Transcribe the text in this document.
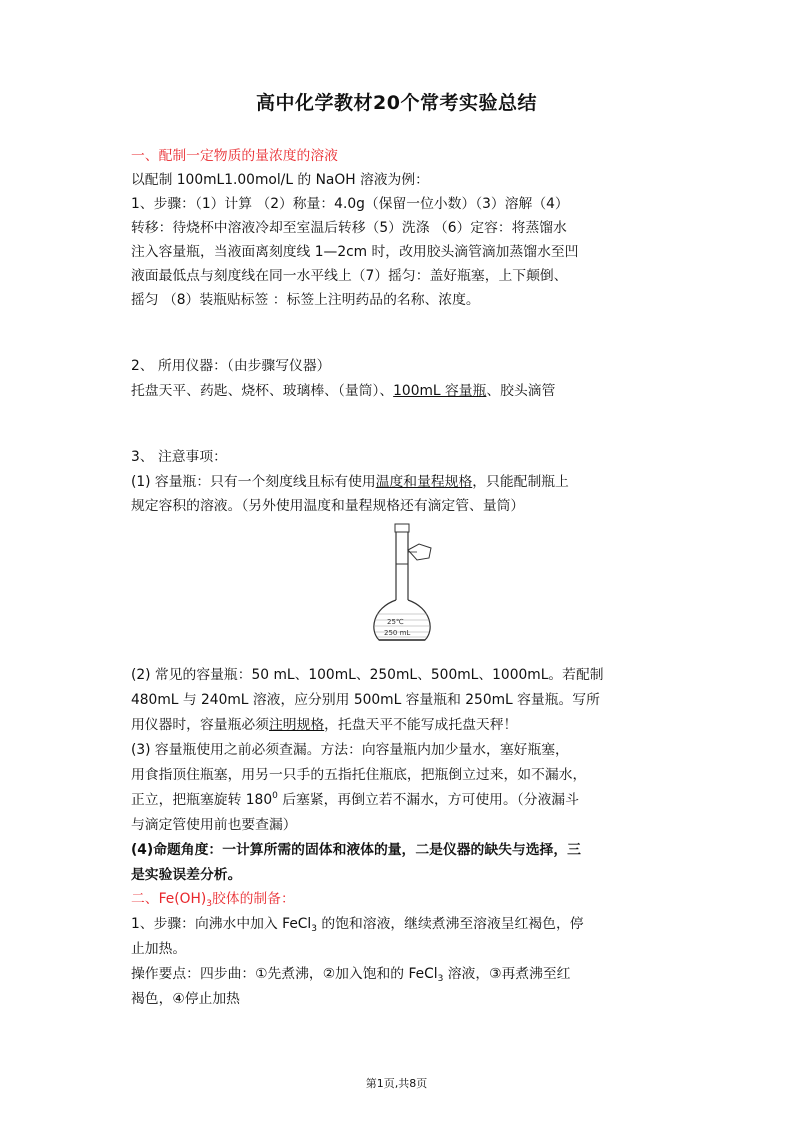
高中化学教材20个常考实验总结
一、配制一定物质的量浓度的溶液
以配制 100mL1.00mol/L 的 NaOH 溶液为例：
1、步骤：（1）计算 （2）称量：4.0g（保留一位小数）（3）溶解（4）
转移：待烧杯中溶液冷却至室温后转移（5）洗涤 （6）定容：将蒸馏水
注入容量瓶，当液面离刻度线 1—2cm 时，改用胶头滴管滴加蒸馏水至凹
液面最低点与刻度线在同一水平线上（7）摇匀：盖好瓶塞，上下颠倒、
摇匀 （8）装瓶贴标签 ：标签上注明药品的名称、浓度。
2、 所用仪器：（由步骤写仪器）
托盘天平、药匙、烧杯、玻璃棒、（量筒）、100mL 容量瓶、胶头滴管
3、 注意事项：
(1) 容量瓶：只有一个刻度线且标有使用温度和量程规格，只能配制瓶上
规定容积的溶液。（另外使用温度和量程规格还有滴定管、量筒）
25℃
250 mL
(2) 常见的容量瓶：50 mL、100mL、250mL、500mL、1000mL。若配制
480mL 与 240mL 溶液，应分别用 500mL 容量瓶和 250mL 容量瓶。写所
用仪器时，容量瓶必须注明规格，托盘天平不能写成托盘天秤！
(3) 容量瓶使用之前必须查漏。方法：向容量瓶内加少量水，塞好瓶塞，
用食指顶住瓶塞，用另一只手的五指托住瓶底，把瓶倒立过来，如不漏水，
正立，把瓶塞旋转 $180^0$ 后塞紧，再倒立若不漏水，方可使用。（分液漏斗
与滴定管使用前也要查漏）
(4)命题角度：一计算所需的固体和液体的量，二是仪器的缺失与选择，三
是实验误差分析。
二、$Fe(OH)_3$胶体的制备：
1、步骤：向沸水中加入 FeCl$_3$ 的饱和溶液，继续煮沸至溶液呈红褐色，停
止加热。
操作要点：四步曲：①先煮沸，②加入饱和的 FeCl$_3$ 溶液，③再煮沸至红
褐色，④停止加热
第1页,共8页
